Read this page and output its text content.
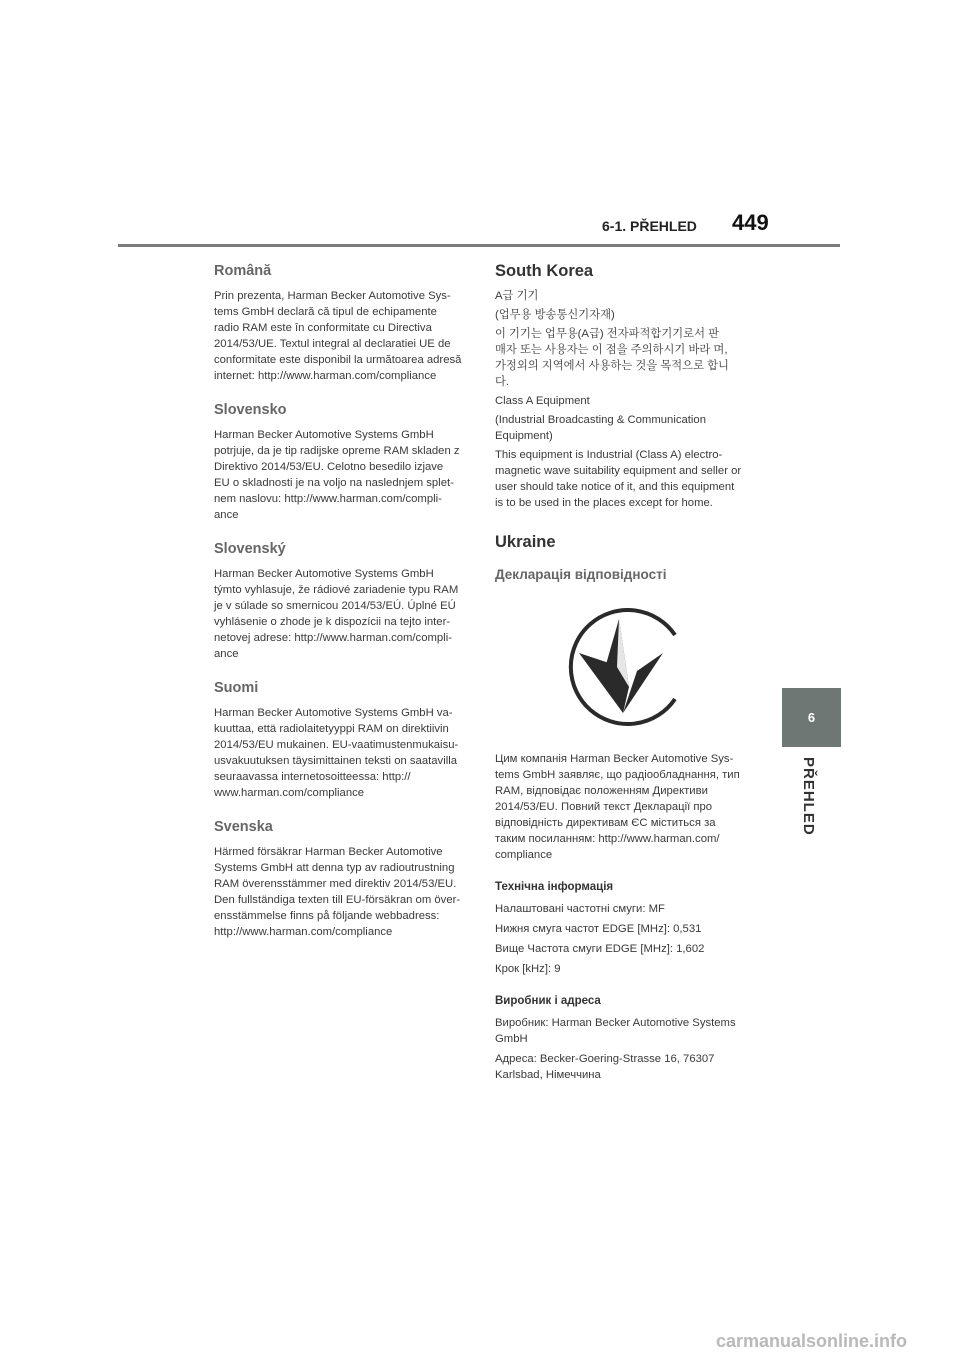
6-1. PŘEHLED 449
Română
Prin prezenta, Harman Becker Automotive Sys-
tems GmbH declară că tipul de echipamente
radio RAM este în conformitate cu Directiva
2014/53/UE. Textul integral al declaratiei UE de
conformitate este disponibil la următoarea adresă
internet: http://www.harman.com/compliance
Slovensko
Harman Becker Automotive Systems GmbH
potrjuje, da je tip radijske opreme RAM skladen z
Direktivo 2014/53/EU. Celotno besedilo izjave
EU o skladnosti je na voljo na naslednjem splet-
nem naslovu: http://www.harman.com/compli-
ance
Slovenský
Harman Becker Automotive Systems GmbH
týmto vyhlasuje, že rádiové zariadenie typu RAM
je v súlade so smernicou 2014/53/EÚ. Úplné EÚ
vyhlásenie o zhode je k dispozícii na tejto inter-
netovej adrese: http://www.harman.com/compli-
ance
Suomi
Harman Becker Automotive Systems GmbH va-
kuuttaa, että radiolaitetyyppi RAM on direktiivin
2014/53/EU mukainen. EU-vaatimustenmukaisu-
usvakuutuksen täysimittainen teksti on saatavilla
seuraavassa internetosoitteessa: http://
www.harman.com/compliance
Svenska
Härmed försäkrar Harman Becker Automotive
Systems GmbH att denna typ av radioutrustning
RAM överensstämmer med direktiv 2014/53/EU.
Den fullständiga texten till EU-försäkran om över-
ensstämmelse finns på följande webbadress:
http://www.harman.com/compliance
South Korea
A급 기기
(업무용 방송통신기자재)
이 기기는 업무용(A급) 전자파적합기기로서 판
매자 또는 사용자는 이 점을 주의하시기 바라 며,
가정외의 지역에서 사용하는 것을 목적으로 합니
다.
Class A Equipment
(Industrial Broadcasting & Communication
Equipment)
This equipment is Industrial (Class A) electro-
magnetic wave suitability equipment and seller or
user should take notice of it, and this equipment
is to be used in the places except for home.
Ukraine
Декларація відповідності
Цим компанія Harman Becker Automotive Sys-
tems GmbH заявляє, що радіообладнання, тип
RAM, відповідає положенням Директиви
2014/53/EU. Повний текст Декларації про
відповідність директивам ЄС міститься за
таким посиланням: http://www.harman.com/
compliance
Технічна інформація
Налаштовані частотні смуги: MF
Нижня смуга частот EDGE [MHz]: 0,531
Вище Частота смуги EDGE [MHz]: 1,602
Крок [kHz]: 9
Виробник і адреса
Виробник: Harman Becker Automotive Systems
GmbH
Адреса: Becker-Goering-Strasse 16, 76307
Karlsbad, Німеччина
6
PŘEHLED
carmanualsonline.info
